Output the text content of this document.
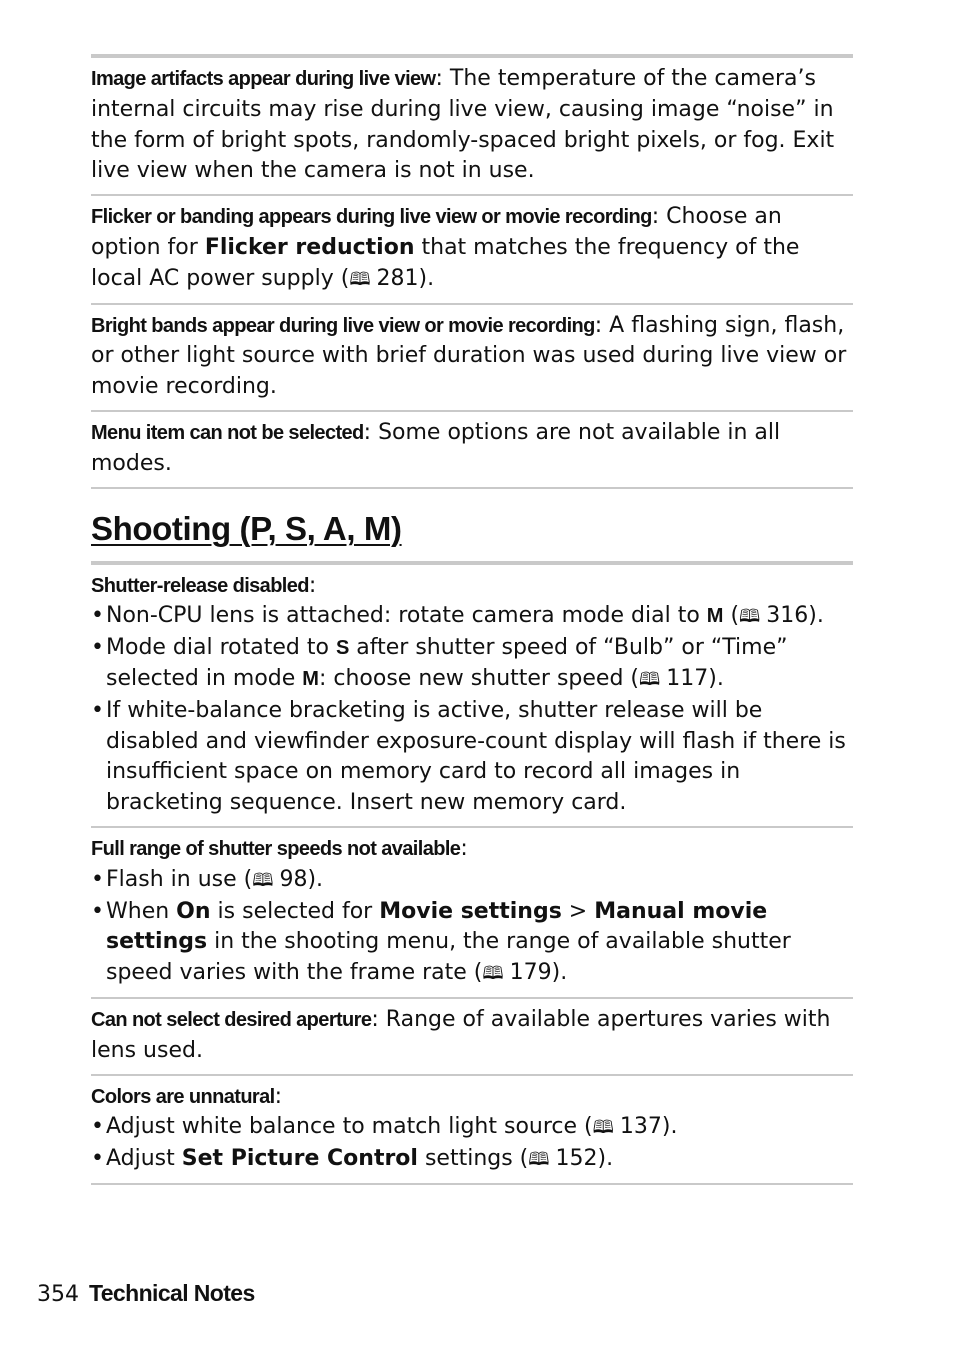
Image artifacts appear during live view: The temperature of the camera’s internal circuits may rise during live view, causing image “noise” in the form of bright spots, randomly-spaced bright pixels, or fog. Exit live view when the camera is not in use.
Flicker or banding appears during live view or movie recording: Choose an option for Flicker reduction that matches the frequency of the local AC power supply (🕮 281).
Bright bands appear during live view or movie recording: A flashing sign, flash, or other light source with brief duration was used during live view or movie recording.
Menu item can not be selected: Some options are not available in all modes.
Shooting (P, S, A, M)
Shutter-release disabled:
• Non-CPU lens is attached: rotate camera mode dial to M (🕮 316).
• Mode dial rotated to S after shutter speed of “Bulb” or “Time” selected in mode M: choose new shutter speed (🕮 117).
• If white-balance bracketing is active, shutter release will be disabled and viewfinder exposure-count display will flash if there is insufficient space on memory card to record all images in bracketing sequence. Insert new memory card.
Full range of shutter speeds not available:
• Flash in use (🕮 98).
• When On is selected for Movie settings > Manual movie settings in the shooting menu, the range of available shutter speed varies with the frame rate (🕮 179).
Can not select desired aperture: Range of available apertures varies with lens used.
Colors are unnatural:
• Adjust white balance to match light source (🕮 137).
• Adjust Set Picture Control settings (🕮 152).
354 Technical Notes
